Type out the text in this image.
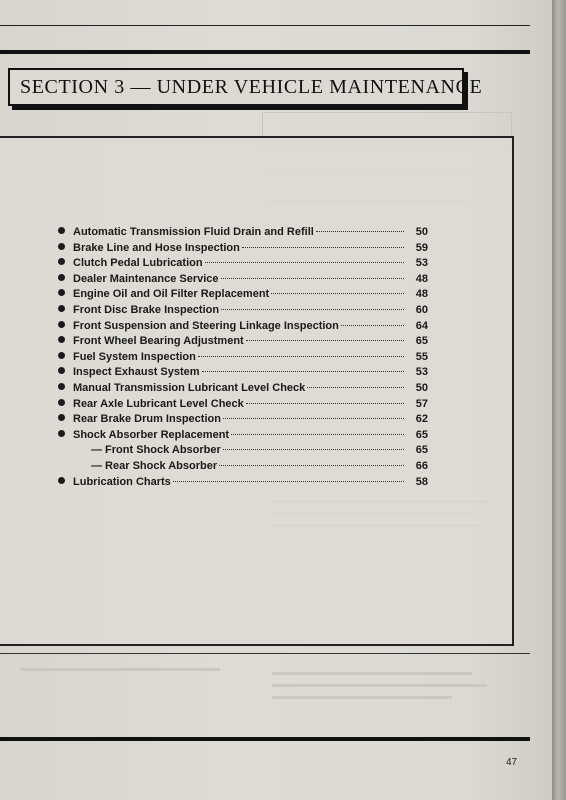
SECTION 3 — UNDER VEHICLE MAINTENANCE
Automatic Transmission Fluid Drain and Refill	50
Brake Line and Hose Inspection	59
Clutch Pedal Lubrication	53
Dealer Maintenance Service	48
Engine Oil and Oil Filter Replacement	48
Front Disc Brake Inspection	60
Front Suspension and Steering Linkage Inspection	64
Front Wheel Bearing Adjustment	65
Fuel System Inspection	55
Inspect Exhaust System	53
Manual Transmission Lubricant Level Check	50
Rear Axle Lubricant Level Check	57
Rear Brake Drum Inspection	62
Shock Absorber Replacement	65
— Front Shock Absorber	65
— Rear Shock Absorber	66
Lubrication Charts	58
47
